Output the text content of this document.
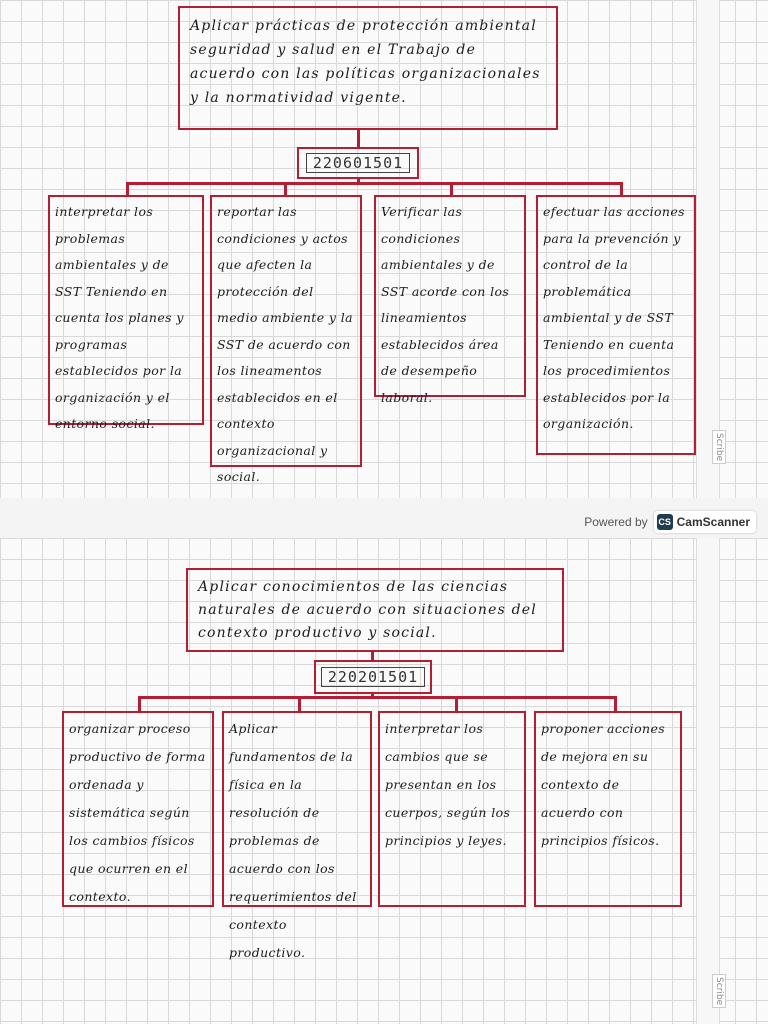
Aplicar prácticas de protección ambiental seguridad y salud en el Trabajo de acuerdo con las políticas organizacionales y la normatividad vigente.
220601501
interpretar los problemas ambientales y de SST Teniendo en cuenta los planes y programas establecidos por la organización y el entorno social.
reportar las condiciones y actos que afecten la protección del medio ambiente y la SST de acuerdo con los lineamentos establecidos en el contexto organizacional y social.
Verificar las condiciones ambientales y de SST acorde con los lineamientos establecidos área de desempeño laboral.
efectuar las acciones para la prevención y control de la problemática ambiental y de SST Teniendo en cuenta los procedimientos establecidos por la organización.
Scribe
Powered by CS CamScanner
Aplicar conocimientos de las ciencias naturales de acuerdo con situaciones del contexto productivo y social.
220201501
organizar proceso productivo de forma ordenada y sistemática según los cambios físicos que ocurren en el contexto.
Aplicar fundamentos de la física en la resolución de problemas de acuerdo con los requerimientos del contexto productivo.
interpretar los cambios que se presentan en los cuerpos, según los principios y leyes.
proponer acciones de mejora en su contexto de acuerdo con principios físicos.
Scribe
